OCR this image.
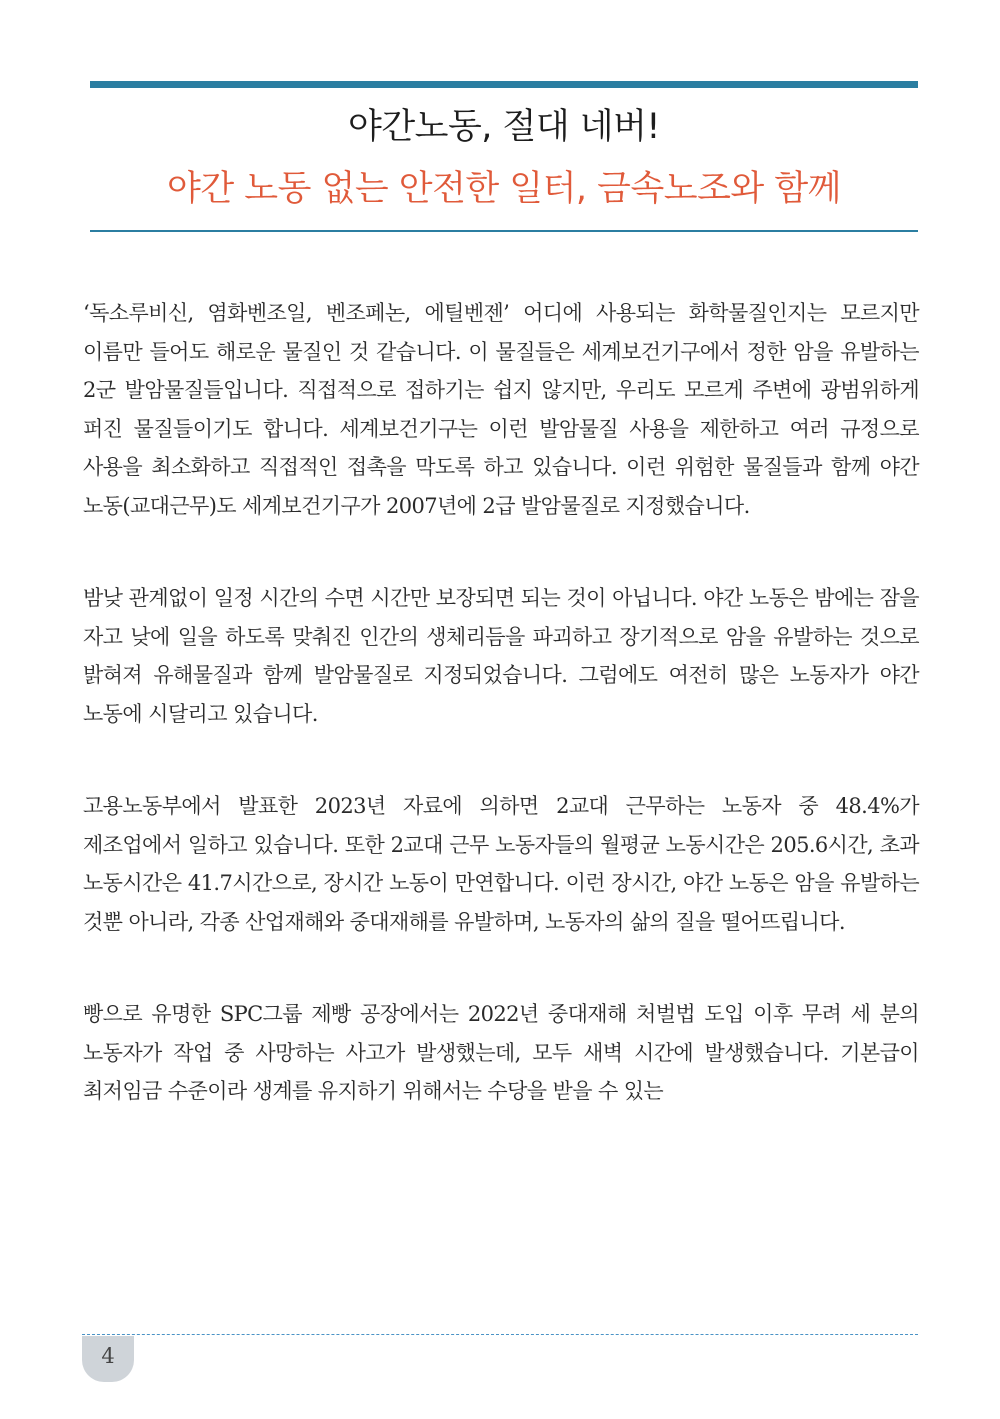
야간노동, 절대 네버!
야간 노동 없는 안전한 일터, 금속노조와 함께

‘독소루비신, 염화벤조일, 벤조페논, 에틸벤젠’ 어디에 사용되는 화학물질인지는 모르지만 이름만 들어도 해로운 물질인 것 같습니다. 이 물질들은 세계보건기구에서 정한 암을 유발하는 2군 발암물질들입니다. 직접적으로 접하기는 쉽지 않지만, 우리도 모르게 주변에 광범위하게 퍼진 물질들이기도 합니다. 세계보건기구는 이런 발암물질 사용을 제한하고 여러 규정으로 사용을 최소화하고 직접적인 접촉을 막도록 하고 있습니다. 이런 위험한 물질들과 함께 야간 노동(교대근무)도 세계보건기구가 2007년에 2급 발암물질로 지정했습니다.

밤낮 관계없이 일정 시간의 수면 시간만 보장되면 되는 것이 아닙니다. 야간 노동은 밤에는 잠을 자고 낮에 일을 하도록 맞춰진 인간의 생체리듬을 파괴하고 장기적으로 암을 유발하는 것으로 밝혀져 유해물질과 함께 발암물질로 지정되었습니다. 그럼에도 여전히 많은 노동자가 야간 노동에 시달리고 있습니다.

고용노동부에서 발표한 2023년 자료에 의하면 2교대 근무하는 노동자 중 48.4%가 제조업에서 일하고 있습니다. 또한 2교대 근무 노동자들의 월평균 노동시간은 205.6시간, 초과 노동시간은 41.7시간으로, 장시간 노동이 만연합니다. 이런 장시간, 야간 노동은 암을 유발하는 것뿐 아니라, 각종 산업재해와 중대재해를 유발하며, 노동자의 삶의 질을 떨어뜨립니다.

빵으로 유명한 SPC그룹 제빵 공장에서는 2022년 중대재해 처벌법 도입 이후 무려 세 분의 노동자가 작업 중 사망하는 사고가 발생했는데, 모두 새벽 시간에 발생했습니다. 기본급이 최저임금 수준이라 생계를 유지하기 위해서는 수당을 받을 수 있는

4
